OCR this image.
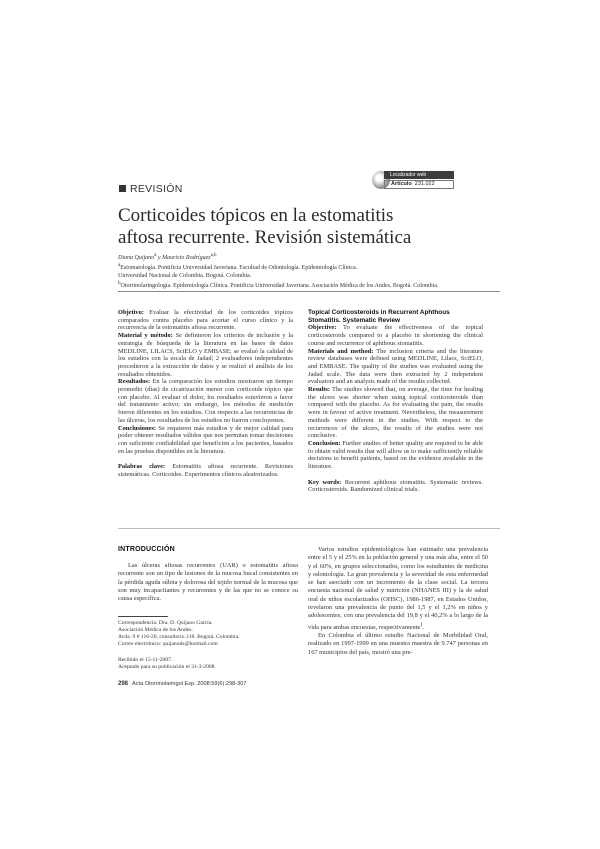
Localizador web
Artículo 231.022
REVISIÓN
Corticoides tópicos en la estomatitis
aftosa recurrente. Revisión sistemática
Diana Quijano$^a$ y Mauricio Rodríguez$^{a,b}$
$^a$Estomatología. Pontificia Universidad Javeriana. Facultad de Odontología. Epidemiología Clínica.
Universidad Nacional de Colombia. Bogotá. Colombia.
$^b$Otorrinolaringología. Epidemiología Clínica. Pontificia Universidad Javeriana. Asociación Médica de los Andes. Bogotá. Colombia.

Objetivo: Evaluar la efectividad de los corticoides tópicos comparados contra placebo para acortar el curso clínico y la recurrencia de la estomatitis aftosa recurrente.

Material y método: Se definieron los criterios de inclusión y la estrategia de búsqueda de la literatura en las bases de datos MEDLINE, LILACS, SciELO y EMBASE; se evaluó la calidad de los estudios con la escala de Jadad; 2 evaluadores independientes procedieron a la extracción de datos y se realizó el análisis de los resultados obtenidos.

Resultados: En la comparación los estudios mostraron un tiempo promedio (días) de cicatrización menor con corticoide tópico que con placebo. Al evaluar el dolor, los resultados estuvieron a favor del tratamiento activo; sin embargo, los métodos de medición fueron diferentes en los estudios. Con respecto a las recurrencias de las úlceras, los resultados de los estudios no fueron concluyentes.

Conclusiones: Se requieren más estudios y de mejor calidad para poder obtener resultados válidos que nos permitan tomar decisiones con suficiente confiabilidad que beneficien a los pacientes, basados en las pruebas disponibles en la literatura.

Palabras clave: Estomatitis aftosa recurrente. Revisiones sistemáticas. Corticoides. Experimentos clínicos aleatorizados.

Topical Corticosteroids in Recurrent Aphthous
Stomatitis. Systematic Review

Objective: To evaluate the effectiveness of the topical corticosteroids compared to a placebo in shortening the clinical course and recurrence of aphthous stomatitis.

Materials and method: The inclusion criteria and the literature review databases were defined using MEDLINE, Lilacs, SciELO, and EMBASE. The quality of the studies was evaluated using the Jadad scale. The data were then extracted by 2 independent evaluators and an analysis made of the results collected.

Results: The studies showed that, on average, the time for healing the ulcers was shorter when using topical corticosteroids than compared with the placebo. As for evaluating the pain, the results were in favour of active treatment. Nevertheless, the measurement methods were different in the studies. With respect to the recurrences of the ulcers, the results of the studies were not conclusive.

Conclusion: Further studies of better quality are required to be able to obtain valid results that will allow us to make sufficiently reliable decisions to benefit patients, based on the evidence available in the literature.

Key words: Recurrent aphthous stomatitis. Systematic reviews. Corticosteroids. Randomized clinical trials.

INTRODUCCIÓN

Las úlceras aftosas recurrentes (UAR) o estomatitis aftosa recurrente son un tipo de lesiones de la mucosa bucal consistentes en la pérdida aguda súbita y dolorosa del tejido normal de la mucosa que son muy incapacitantes y recurrentes y de las que no se conoce su causa específica.

Varios estudios epidemiológicos han estimado una prevalencia entre el 5 y el 25% en la población general y una más alta, entre el 50 y el 60%, en grupos seleccionados, como los estudiantes de medicina y odontología. La gran prevalencia y la severidad de esta enfermedad se han asociado con un incremento de la clase social. La tercera encuesta nacional de salud y nutrición (NHANES III) y la de salud oral de niños escolarizados (OHSC), 1986-1987, en Estados Unidos, revelaron una prevalencia de punto del 1,5 y el 1,2% en niños y adolescentes, con una prevalencia del 19,8 y el 40,2% a lo largo de la vida para ambas encuestas, respectivamente$^1$.

En Colombia el último estudio Nacional de Morbilidad Oral, realizado en 1997-1999 en una muestra maestra de 9.747 personas en 167 municipios del país, mostró una pre-

Correspondencia: Dra. D. Quijano García.
Asociación Médica de los Andes.
Avda. 9 # 116-20, consultorio 218. Bogotá. Colombia.
Correo electrónico: quijanods@hotmail.com
Recibido el 15-11-2007.
Aceptado para su publicación el 31-3-2008.
298 Acta Otorrinolaringol Esp. 2008;59(6):298-307
